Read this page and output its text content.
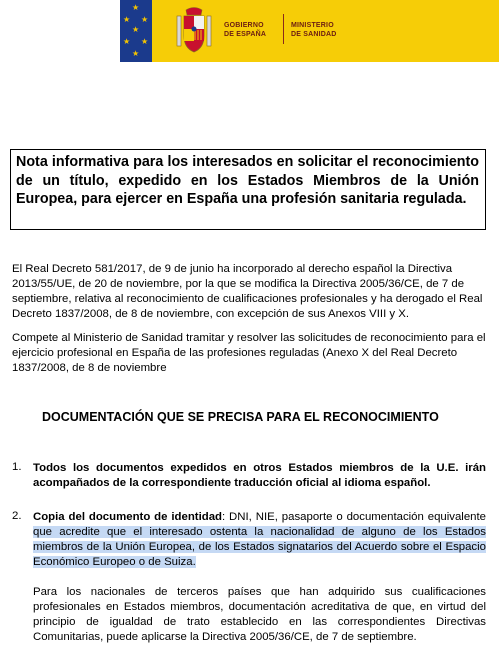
★
★ ★
★
★ ★
★
GOBIERNO
DE ESPAÑA
MINISTERIO
DE SANIDAD
Nota informativa para los interesados en solicitar el reconocimiento de un título, expedido en los Estados Miembros de la Unión Europea, para ejercer en España una profesión sanitaria regulada.
El Real Decreto 581/2017, de 9 de junio ha incorporado al derecho español la Directiva 2013/55/UE, de 20 de noviembre, por la que se modifica la Directiva 2005/36/CE, de 7 de septiembre, relativa al reconocimiento de cualificaciones profesionales y ha derogado el Real Decreto 1837/2008, de 8 de noviembre, con excepción de sus Anexos VIII y X.
Compete al Ministerio de Sanidad tramitar y resolver las solicitudes de reconocimiento para el ejercicio profesional en España de las profesiones reguladas (Anexo X del Real Decreto 1837/2008, de 8 de noviembre
DOCUMENTACIÓN QUE SE PRECISA PARA EL RECONOCIMIENTO
1. Todos los documentos expedidos en otros Estados miembros de la U.E. irán acompañados de la correspondiente traducción oficial al idioma español.
2. Copia del documento de identidad: DNI, NIE, pasaporte o documentación equivalente que acredite que el interesado ostenta la nacionalidad de alguno de los Estados miembros de la Unión Europea, de los Estados signatarios del Acuerdo sobre el Espacio Económico Europeo o de Suiza.
Para los nacionales de terceros países que han adquirido sus cualificaciones profesionales en Estados miembros, documentación acreditativa de que, en virtud del principio de igualdad de trato establecido en las correspondientes Directivas Comunitarias, puede aplicarse la Directiva 2005/36/CE, de 7 de septiembre.
